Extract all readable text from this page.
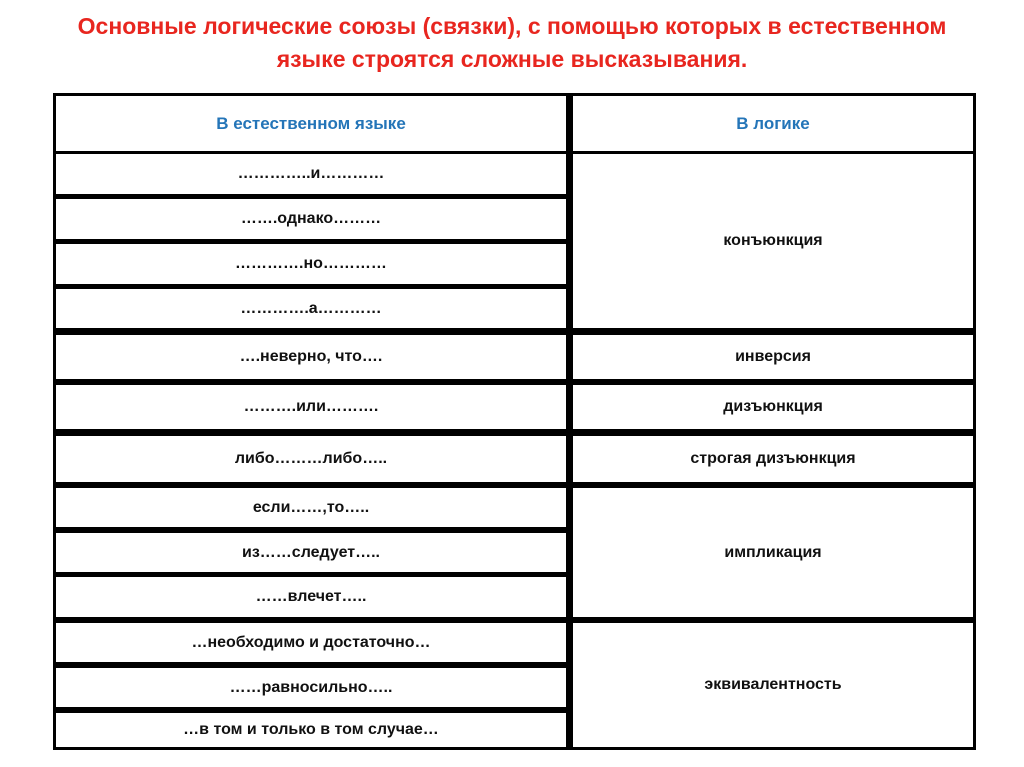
Основные логические союзы (связки), с помощью которых в естественном языке строятся сложные высказывания.
В естественном языке	В логике
…………..и…………
…….однако………
………….но…………
………….а…………
….неверно, что….
……….или……….
либо………либо…..
если……,то…..
из……следует…..
……влечет…..
…необходимо и достаточно…
……равносильно…..
…в том и только в том случае…
конъюнкция
инверсия
дизъюнкция
строгая дизъюнкция
импликация
эквивалентность
